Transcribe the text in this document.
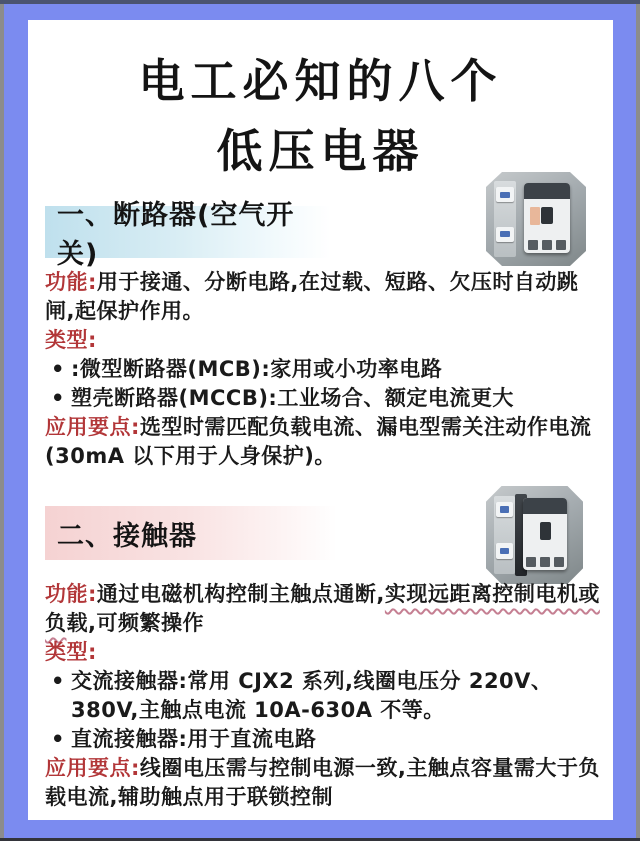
电工必知的八个
低压电器
一、断路器(空气开关)

功能:用于接通、分断电路,在过载、短路、欠压时自动跳闸,起保护作用。

类型:

• :微型断路器(MCB):家用或小功率电路
• 塑壳断路器(MCCB):工业场合、额定电流更大

应用要点:选型时需匹配负载电流、漏电型需关注动作电流(30mA 以下用于人身保护)。

二、接触器

功能:通过电磁机构控制主触点通断,实现远距离控制电机或负载,可频繁操作

类型:

• 交流接触器:常用 CJX2 系列,线圈电压分 220V、380V,主触点电流 10A-630A 不等。
• 直流接触器:用于直流电路

应用要点:线圈电压需与控制电源一致,主触点容量需大于负载电流,辅助触点用于联锁控制
